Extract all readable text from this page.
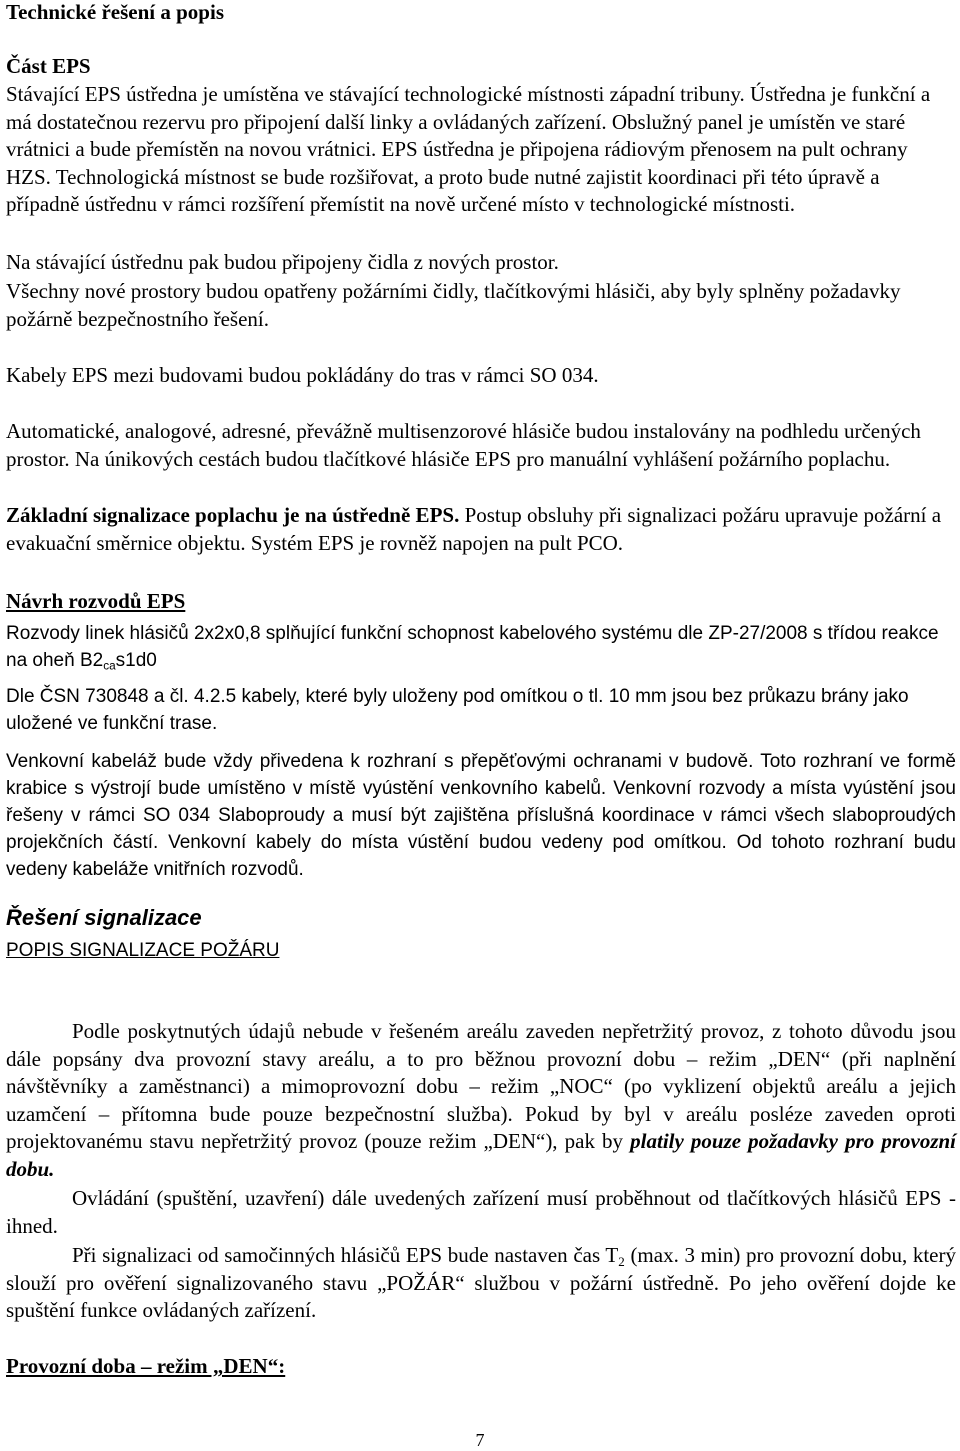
Technické řešení a popis

Část EPS

Stávající EPS ústředna je umístěna ve stávající technologické místnosti západní tribuny. Ústředna je funkční a má dostatečnou rezervu pro připojení další linky a ovládaných zařízení. Obslužný panel je umístěn ve staré vrátnici a bude přemístěn na novou vrátnici. EPS ústředna je připojena rádiovým přenosem na pult ochrany HZS. Technologická místnost se bude rozšiřovat, a proto bude nutné zajistit koordinaci při této úpravě a případně ústřednu v rámci rozšíření přemístit na nově určené místo v technologické místnosti.

Na stávající ústřednu pak budou připojeny čidla z nových prostor.

Všechny nové prostory budou opatřeny požárními čidly, tlačítkovými hlásiči, aby byly splněny požadavky požárně bezpečnostního řešení.

Kabely EPS mezi budovami budou pokládány do tras v rámci SO 034.

Automatické, analogové, adresné, převážně multisenzorové hlásiče budou instalovány na podhledu určených prostor. Na únikových cestách budou tlačítkové hlásiče EPS pro manuální vyhlášení požárního poplachu.

Základní signalizace poplachu je na ústředně EPS. Postup obsluhy při signalizaci požáru upravuje požární a evakuační směrnice objektu. Systém EPS je rovněž napojen na pult PCO.

Návrh rozvodů EPS

Rozvody linek hlásičů 2x2x0,8 splňující funkční schopnost kabelového systému dle ZP-27/2008 s třídou reakce na oheň $B2_{ca}s1d0$

Dle ČSN 730848 a čl. 4.2.5 kabely, které byly uloženy pod omítkou o tl. 10 mm jsou bez průkazu brány jako uložené ve funkční trase.

Venkovní kabeláž bude vždy přivedena k rozhraní s přepěťovými ochranami v budově. Toto rozhraní ve formě krabice s výstrojí bude umístěno v místě vyústění venkovního kabelů. Venkovní rozvody a místa vyústění jsou řešeny v rámci SO 034 Slaboproudy a musí být zajištěna příslušná koordinace v rámci všech slaboproudých projekčních částí. Venkovní kabely do místa vústění budou vedeny pod omítkou. Od tohoto rozhraní budu vedeny kabeláže vnitřních rozvodů.

Řešení signalizace

POPIS SIGNALIZACE POŽÁRU

Podle poskytnutých údajů nebude v řešeném areálu zaveden nepřetržitý provoz, z tohoto důvodu jsou dále popsány dva provozní stavy areálu, a to pro běžnou provozní dobu – režim „DEN“ (při naplnění návštěvníky a zaměstnanci) a mimoprovozní dobu – režim „NOC“ (po vyklizení objektů areálu a jejich uzamčení – přítomna bude pouze bezpečnostní služba). Pokud by byl v areálu posléze zaveden oproti projektovanému stavu nepřetržitý provoz (pouze režim „DEN“), pak by platily pouze požadavky pro provozní dobu.

Ovládání (spuštění, uzavření) dále uvedených zařízení musí proběhnout od tlačítkových hlásičů EPS - ihned.

Při signalizaci od samočinných hlásičů EPS bude nastaven čas $T_2$ (max. 3 min) pro provozní dobu, který slouží pro ověření signalizovaného stavu „POŽÁR“ službou v požární ústředně. Po jeho ověření dojde ke spuštění funkce ovládaných zařízení.

Provozní doba – režim „DEN“:

7
